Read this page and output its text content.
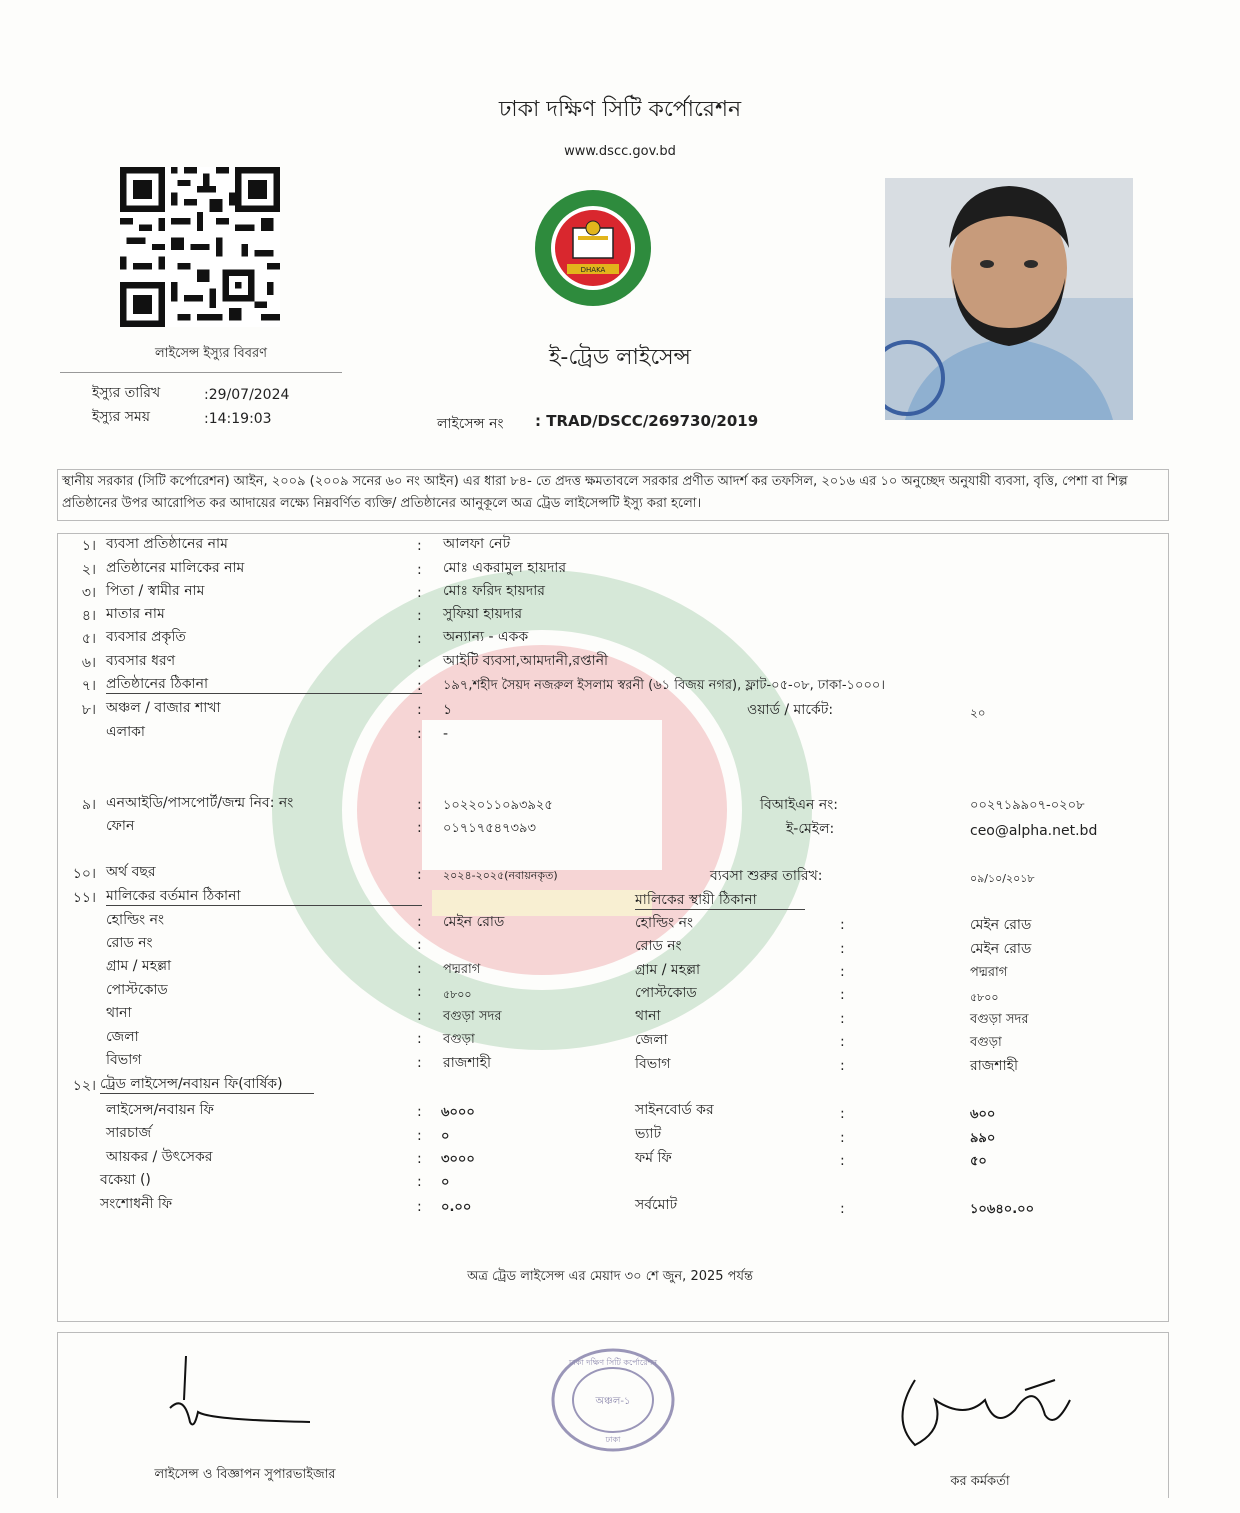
ঢাকা দক্ষিণ সিটি কর্পোরেশন
www.dscc.gov.bd
DHAKA
ই-ট্রেড লাইসেন্স
লাইসেন্স ইস্যুর বিবরণ
ইস্যুর তারিখ	:29/07/2024
ইস্যুর সময়	:14:19:03	লাইসেন্স নং : TRAD/DSCC/269730/2019
স্থানীয় সরকার (সিটি কর্পোরেশন) আইন, ২০০৯ (২০০৯ সনের ৬০ নং আইন) এর ধারা ৮৪- তে প্রদত্ত ক্ষমতাবলে সরকার প্রণীত আদর্শ কর তফসিল, ২০১৬ এর ১০ অনুচ্ছেদ অনুযায়ী ব্যবসা, বৃত্তি, পেশা বা শিল্প প্রতিষ্ঠানের উপর আরোপিত কর আদায়ের লক্ষ্যে নিম্নবর্ণিত ব্যক্তি/ প্রতিষ্ঠানের আনুকূলে অত্র ট্রেড লাইসেন্সটি ইস্যু করা হলো।
১। ব্যবসা প্রতিষ্ঠানের নাম	: আলফা নেট
২। প্রতিষ্ঠানের মালিকের নাম	: মোঃ একরামুল হায়দার
৩। পিতা / স্বামীর নাম	: মোঃ ফরিদ হায়দার
৪। মাতার নাম	: সুফিয়া হায়দার
৫। ব্যবসার প্রকৃতি	: অন্যান্য - একক
৬। ব্যবসার ধরণ	: আইটি ব্যবসা,আমদানী,রপ্তানী
৭। প্রতিষ্ঠানের ঠিকানা	: ১৯৭,শহীদ সৈয়দ নজরুল ইসলাম স্বরনী (৬১ বিজয় নগর), ফ্লাট-০৫-০৮, ঢাকা-১০০০।
৮। অঞ্চল / বাজার শাখা	: ১	ওয়ার্ড / মার্কেট:	২০
এলাকা	: -
৯। এনআইডি/পাসপোর্ট/জন্ম নিব: নং	: ১০২২০১১০৯৩৯২৫	বিআইএন নং:	০০২৭১৯৯০৭-০২০৮
ফোন	: ০১৭১৭৫৪৭৩৯৩	ই-মেইল:	ceo@alpha.net.bd
১০। অর্থ বছর	: ২০২৪-২০২৫(নবায়নকৃত)	ব্যবসা শুরুর তারিখ:	০৯/১০/২০১৮
১১। মালিকের বর্তমান ঠিকানা	মালিকের স্থায়ী ঠিকানা
হোল্ডিং নং	: মেইন রোড	হোল্ডিং নং	:	মেইন রোড
রোড নং	:	রোড নং	:	মেইন রোড
গ্রাম / মহল্লা	: পদ্মরাগ	গ্রাম / মহল্লা	:	পদ্মরাগ
পোস্টকোড	: ৫৮০০	পোস্টকোড	:	৫৮০০
থানা	: বগুড়া সদর	থানা	:	বগুড়া সদর
জেলা	: বগুড়া	জেলা	:	বগুড়া
বিভাগ	: রাজশাহী	বিভাগ	:	রাজশাহী
১২। ট্রেড লাইসেন্স/নবায়ন ফি(বার্ষিক)
লাইসেন্স/নবায়ন ফি	: ৬০০০	সাইনবোর্ড কর	:	৬০০
সারচার্জ	: ০	ভ্যাট	:	৯৯০
আয়কর / উৎসেকর	: ৩০০০	ফর্ম ফি	:	৫০
বকেয়া ()	: ০
সংশোধনী ফি	: ০.০০	সর্বমোট	:	১০৬৪০.০০
অত্র ট্রেড লাইসেন্স এর মেয়াদ ৩০ শে জুন, 2025 পর্যন্ত
লাইসেন্স ও বিজ্ঞাপন সুপারভাইজার
ঢাকা দক্ষিণ সিটি কর্পোরেশন
অঞ্চল-১
ঢাকা
কর কর্মকর্তা
